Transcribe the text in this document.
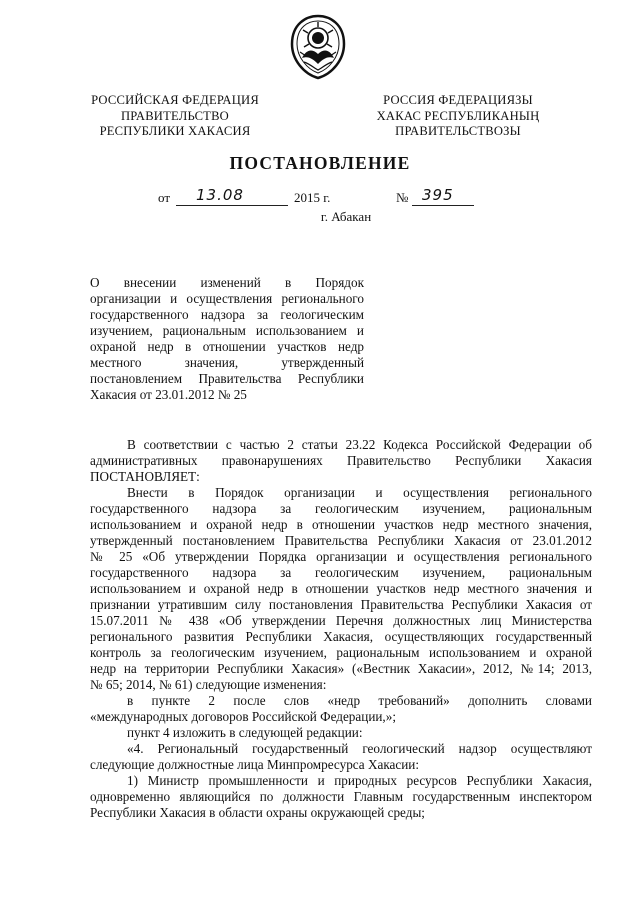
РОССИЙСКАЯ ФЕДЕРАЦИЯ
ПРАВИТЕЛЬСТВО
РЕСПУБЛИКИ ХАКАСИЯ
РОССИЯ ФЕДЕРАЦИЯЗЫ
ХАКАС РЕСПУБЛИКАНЫҢ
ПРАВИТЕЛЬСТВОЗЫ
ПОСТАНОВЛЕНИЕ
от 13.08	2015 г.	№ 395
г. Абакан

О внесении изменений в Порядок

организации и осуществления регионального

государственного надзора за геологическим

изучением, рациональным использованием и

охраной недр в отношении участков недр

местного значения, утвержденный

постановлением Правительства Республики

Хакасия от 23.01.2012 № 25

В соответствии с частью 2 статьи 23.22 Кодекса Российской Федерации об
административных правонарушениях Правительство Республики Хакасия
ПОСТАНОВЛЯЕТ:

Внести в Порядок организации и осуществления регионального
государственного надзора за геологическим изучением, рациональным
использованием и охраной недр в отношении участков недр местного значения,
утвержденный постановлением Правительства Республики Хакасия от 23.01.2012
№ 25 «Об утверждении Порядка организации и осуществления регионального
государственного надзора за геологическим изучением, рациональным
использованием и охраной недр в отношении участков недр местного значения и
признании утратившим силу постановления Правительства Республики Хакасия от
15.07.2011 № 438 «Об утверждении Перечня должностных лиц Министерства
регионального развития Республики Хакасия, осуществляющих государственный
контроль за геологическим изучением, рациональным использованием и охраной
недр на территории Республики Хакасия» («Вестник Хакасии», 2012, №14; 2013,
№ 65; 2014, № 61) следующие изменения:

в пункте 2 после слов «недр требований» дополнить словами
«международных договоров Российской Федерации,»;

пункт 4 изложить в следующей редакции:

«4. Региональный государственный геологический надзор осуществляют
следующие должностные лица Минпромресурса Хакасии:

1) Министр промышленности и природных ресурсов Республики Хакасия,
одновременно являющийся по должности Главным государственным инспектором
Республики Хакасия в области охраны окружающей среды;
